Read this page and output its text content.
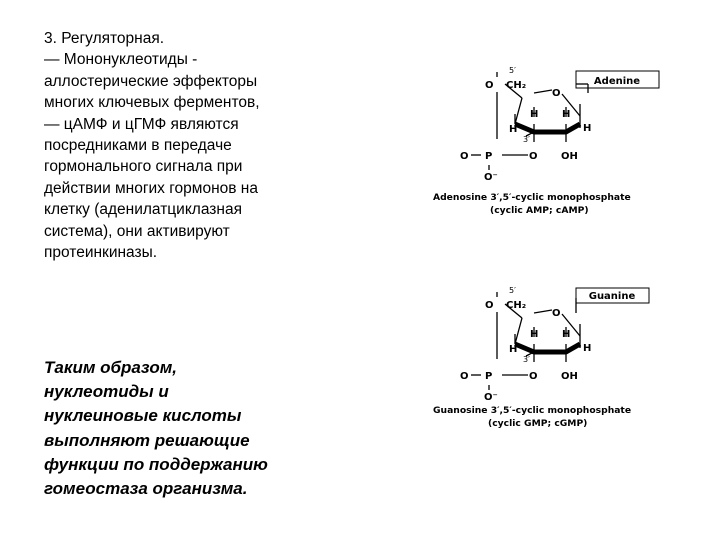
3. Регуляторная.
— Мононуклеотиды -
аллостерические эффекторы
многих ключевых ферментов,
— цАМФ и цГМФ являются
посредниками в передаче
гормонального сигнала при
действии многих гормонов на
клетку (аденилатциклазная
система), они активируют
протеинкиназы.
Таким образом,
нуклеотиды и
нуклеиновые кислоты
выполняют решающие
функции по поддержанию
гомеостаза организма.
Adenine
5′
O CH₂
O
H
H H
H
3′
O P	O OH
O⁻
Adenosine 3′,5′-cyclic monophosphate
(cyclic AMP; cAMP)
Guanine
5′
O CH₂
O
H
H H
H
3′
O P	O OH
O⁻
Guanosine 3′,5′-cyclic monophosphate
(cyclic GMP; cGMP)
